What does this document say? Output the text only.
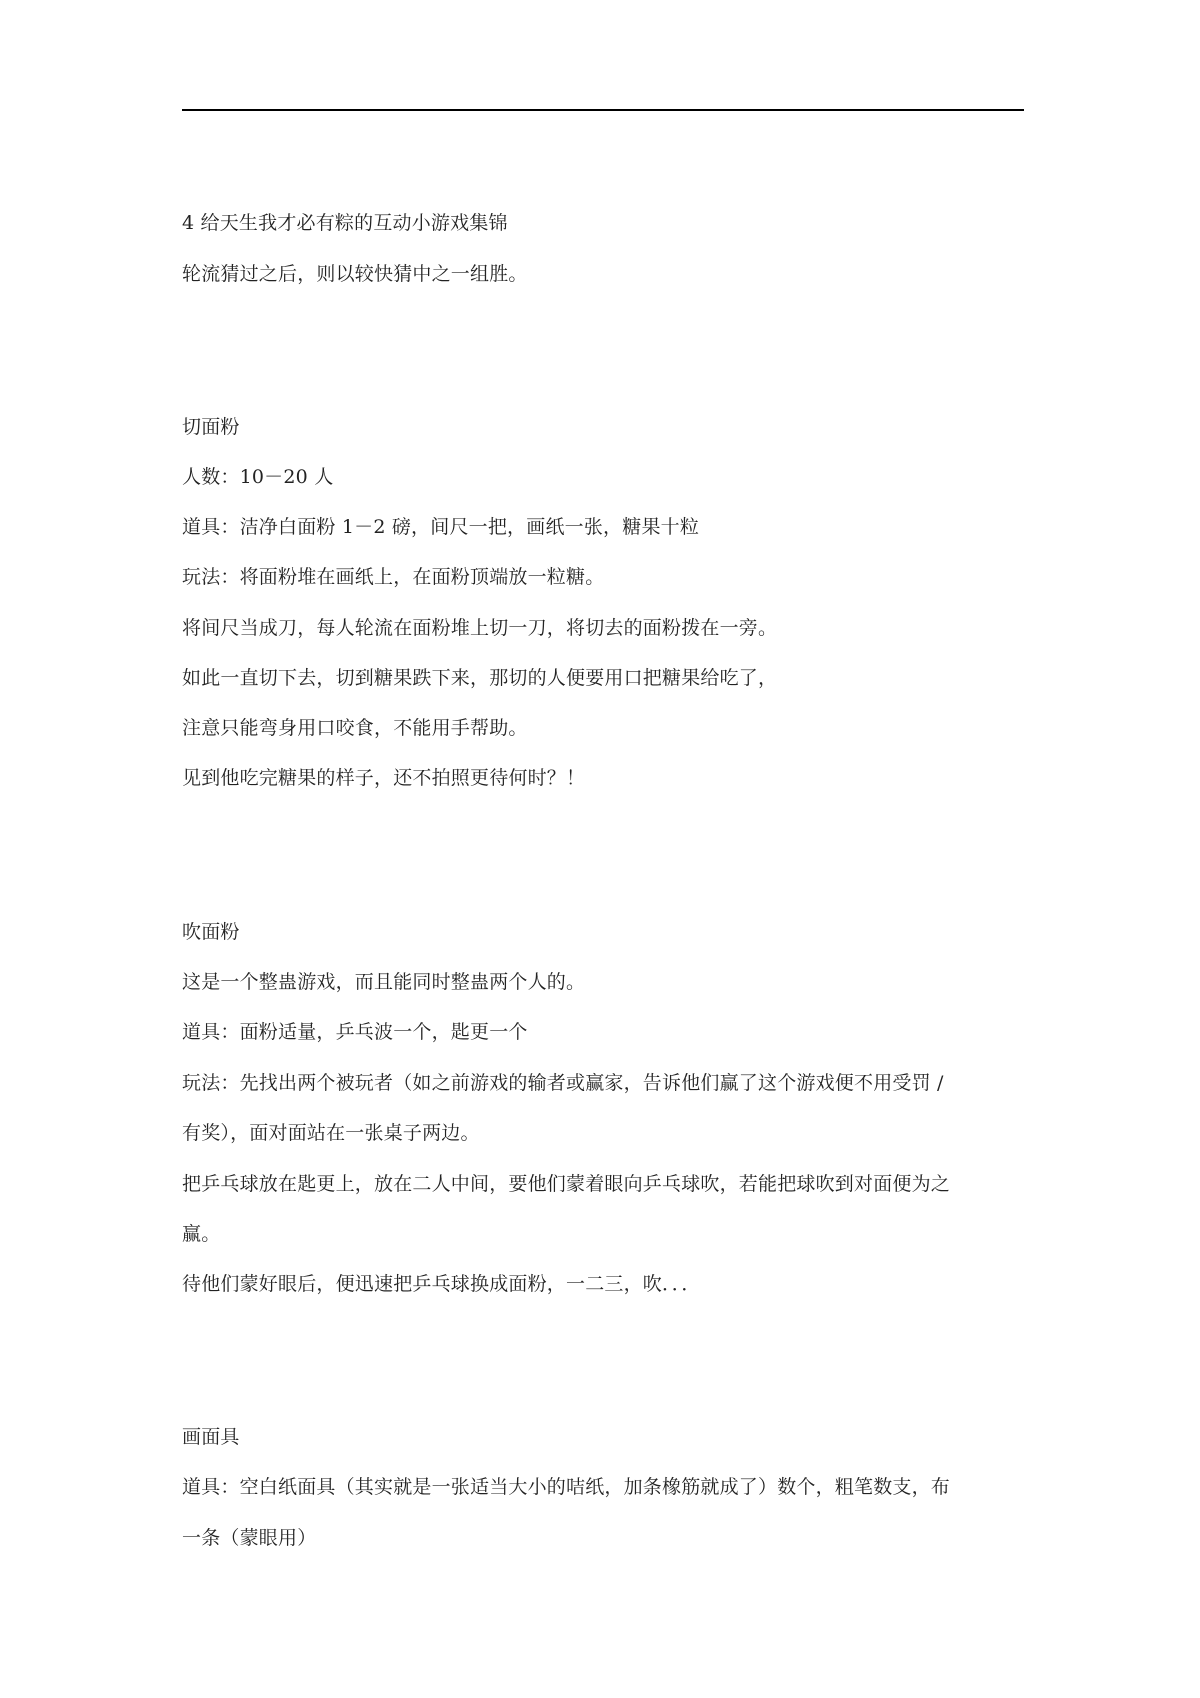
4 给天生我才必有粽的互动小游戏集锦
轮流猜过之后，则以较快猜中之一组胜。
切面粉
人数：10－20 人
道具：洁净白面粉 1－2 磅，间尺一把，画纸一张，糖果十粒
玩法：将面粉堆在画纸上，在面粉顶端放一粒糖。
将间尺当成刀，每人轮流在面粉堆上切一刀，将切去的面粉拨在一旁。
如此一直切下去，切到糖果跌下来，那切的人便要用口把糖果给吃了，
注意只能弯身用口咬食，不能用手帮助。
见到他吃完糖果的样子，还不拍照更待何时？！
吹面粉
这是一个整蛊游戏，而且能同时整蛊两个人的。
道具：面粉适量，乒乓波一个，匙更一个
玩法：先找出两个被玩者（如之前游戏的输者或赢家，告诉他们赢了这个游戏便不用受罚 /
有奖），面对面站在一张桌子两边。
把乒乓球放在匙更上，放在二人中间，要他们蒙着眼向乒乓球吹，若能把球吹到对面便为之
赢。
待他们蒙好眼后，便迅速把乒乓球换成面粉，一二三，吹．．．
画面具
道具：空白纸面具（其实就是一张适当大小的咭纸，加条橡筋就成了）数个，粗笔数支，布
一条（蒙眼用）
